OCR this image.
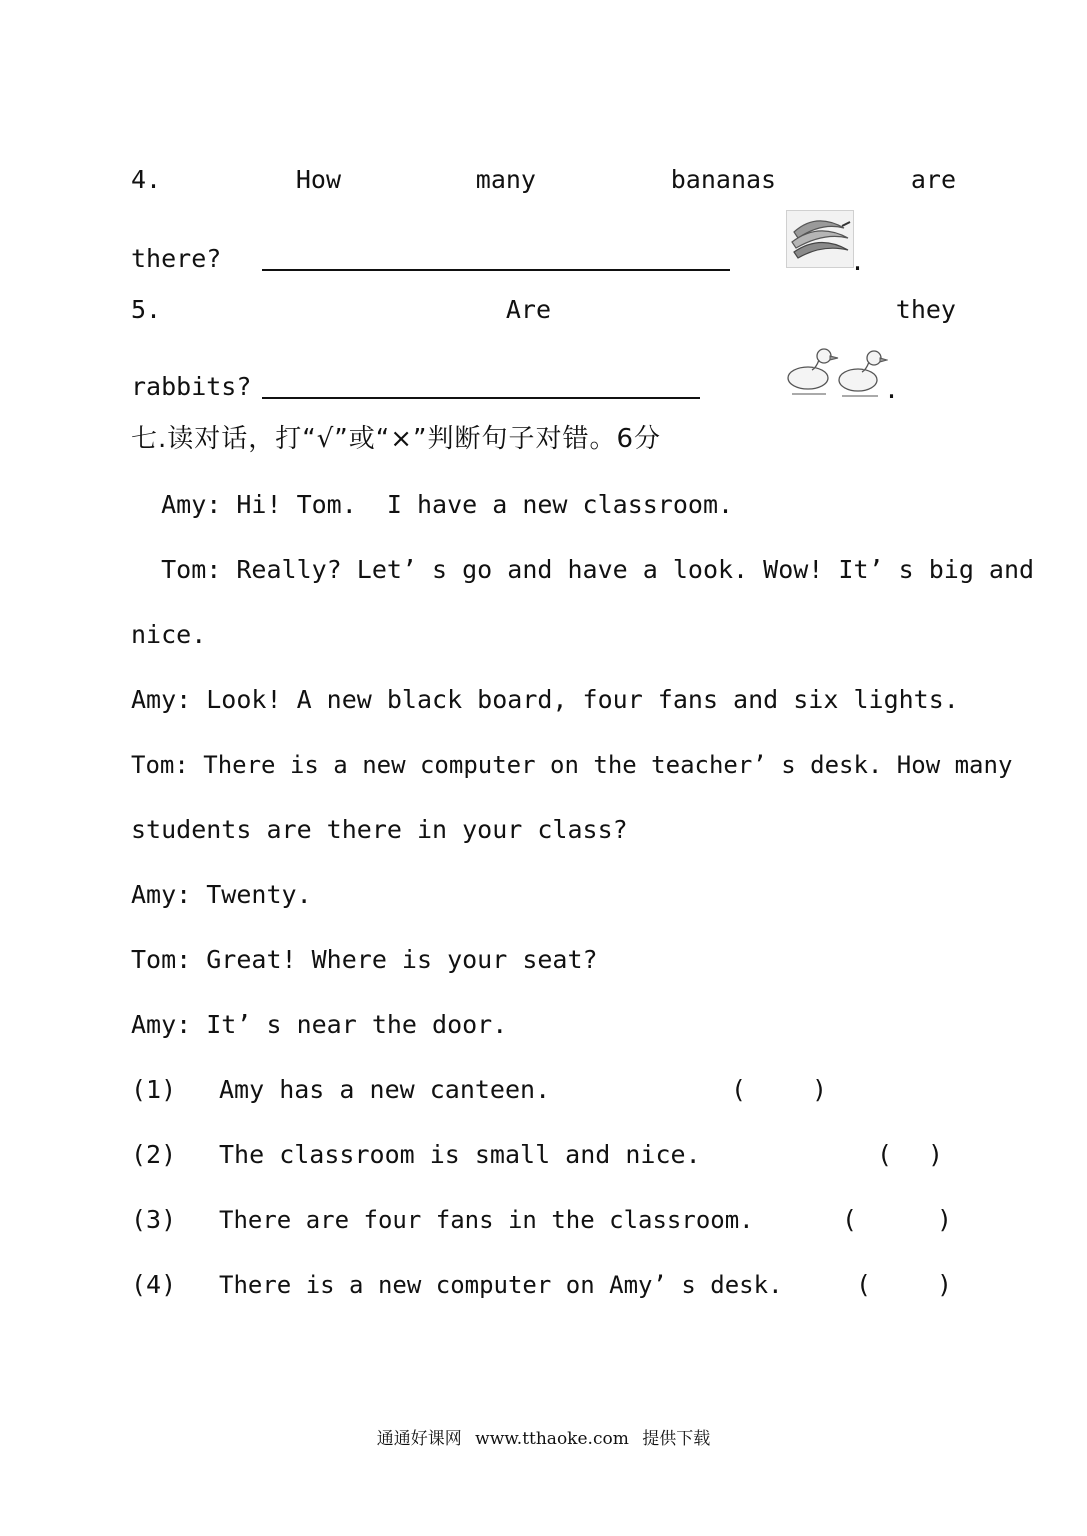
4.	How	many	bananas	are
there?	.
5.	Are	they
rabbits?	.
七.读对话，打“√”或“×”判断句子对错。6分
Amy: Hi! Tom.  I have a new classroom.
Tom: Really? Let’ s go and have a look. Wow! It’ s big and
nice.
Amy: Look! A new black board, four fans and six lights.
Tom: There is a new computer on the teacher’ s desk. How many
students are there in your class?
Amy: Twenty.
Tom: Great! Where is your seat?
Amy: It’ s near the door.
(1) Amy has a new canteen.	(	)
(2) The classroom is small and nice.	( )
(3) There are four fans in the classroom.	(	)
(4) There is a new computer on Amy’ s desk.	(	)
通通好课网 www.tthaoke.com 提供下载
